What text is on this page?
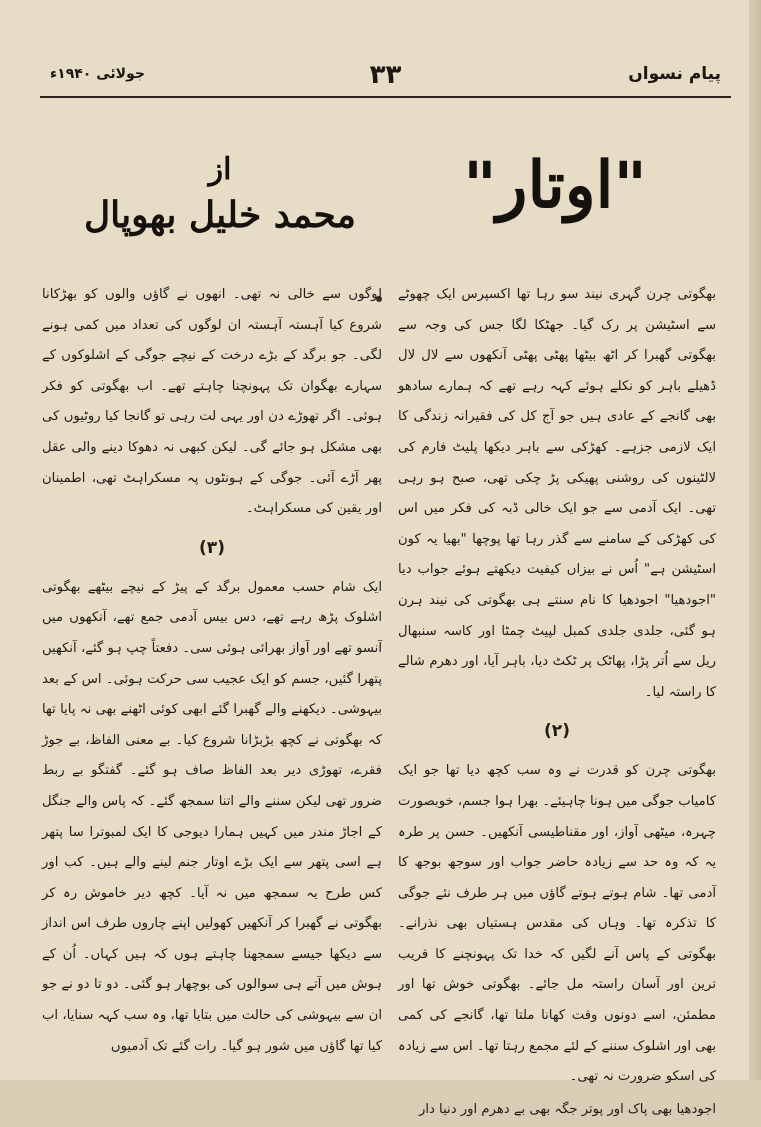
پیام نسواں
۳۳
جولائی ۱۹۴۰ء
"اوتار"
از
محمد خلیل بھوپال

بھگوتی چرن گہری نیند سو رہا تھا اکسپرس ایک چھوٹے سے اسٹیشن پر رک گیا۔ جھٹکا لگا جس کی وجہ سے بھگوتی گھبرا کر اٹھ بیٹھا پھٹی پھٹی آنکھوں سے لال لال ڈھیلے باہر کو نکلے ہوئے کہہ رہے تھے کہ ہمارے سادھو بھی گانجے کے عادی ہیں جو آج کل کی فقیرانہ زندگی کا ایک لازمی جزہے۔ کھڑکی سے باہر دیکھا پلیٹ فارم کی لالٹینوں کی روشنی پھیکی پڑ چکی تھی، صبح ہو رہی تھی۔ ایک آدمی سے جو ایک خالی ڈبہ کی فکر میں اس کی کھڑکی کے سامنے سے گذر رہا تھا پوچھا "بھیا یہ کون اسٹیشن ہے" اُس نے بیزاں کیفیت دیکھتے ہوئے جواب دیا "اجودھیا" اجودھیا کا نام سنتے ہی بھگوتی کی نیند ہرن ہو گئی، جلدی جلدی کمبل لپیٹ چمٹا اور کاسہ سنبھال ریل سے اُتر پڑا، پھاٹک پر ٹکٹ دیا، باہر آیا، اور دھرم شالے کا راستہ لیا۔

(۲)

بھگوتی چرن کو قدرت نے وہ سب کچھ دیا تھا جو ایک کامیاب جوگی میں ہونا چاہیئے۔ بھرا ہوا جسم، خوبصورت چہرہ، میٹھی آواز، اور مقناطیسی آنکھیں۔ حسن پر طرہ یہ کہ وہ حد سے زیادہ حاضر جواب اور سوجھ بوجھ کا آدمی تھا۔ شام ہوتے ہوتے گاؤں میں ہر طرف نئے جوگی کا تذکرہ تھا۔ وہاں کی مقدس ہستیاں بھی نذرانے۔ بھگوتی کے پاس آنے لگیں کہ خدا تک پہونچنے کا قریب ترین اور آسان راستہ مل جائے۔ بھگوتی خوش تھا اور مطمئن، اسے دونوں وقت کھانا ملتا تھا، گانجے کی کمی بھی اور اشلوک سننے کے لئے مجمع رہتا تھا۔ اس سے زیادہ کی اسکو ضرورت نہ تھی۔

اجودھیا بھی پاک اور پوتر جگہ بھی بے دھرم اور دنیا دار

لوگوں سے خالی نہ تھی۔ انھوں نے گاؤں والوں کو بھڑکانا شروع کیا آہستہ آہستہ ان لوگوں کی تعداد میں کمی ہونے لگی۔ جو برگد کے بڑے درخت کے نیچے جوگی کے اشلوکوں کے سہارے بھگوان تک پہونچنا چاہتے تھے۔ اب بھگوتی کو فکر ہوئی۔ اگر تھوڑے دن اور یہی لت رہی تو گانجا کیا روٹیوں کی بھی مشکل ہو جائے گی۔ لیکن کبھی نہ دھوکا دینے والی عقل پھر آڑے آئی۔ جوگی کے ہونٹوں پہ مسکراہٹ تھی، اطمینان اور یقین کی مسکراہٹ۔

(۳)

ایک شام حسب معمول برگد کے پیڑ کے نیچے بیٹھے بھگوتی اشلوک پڑھ رہے تھے، دس بیس آدمی جمع تھے، آنکھوں میں آنسو تھے اور آواز بھرائی ہوئی سی۔ دفعتاً چپ ہو گئے، آنکھیں پتھرا گئیں، جسم کو ایک عجیب سی حرکت ہوئی۔ اس کے بعد بیہوشی۔ دیکھنے والے گھبرا گئے ابھی کوئی اٹھنے بھی نہ پایا تھا کہ بھگوتی نے کچھ بڑبڑانا شروع کیا۔ بے معنی الفاظ، بے جوڑ فقرے، تھوڑی دیر بعد الفاظ صاف ہو گئے۔ گفتگو بے ربط ضرور تھی لیکن سننے والے اتنا سمجھ گئے۔ کہ پاس والے جنگل کے اجاڑ مندر میں کہیں ہمارا دیوجی کا ایک لمبوترا سا پتھر ہے اسی پتھر سے ایک بڑے اوتار جنم لینے والے ہیں۔ کب اور کس طرح یہ سمجھ میں نہ آیا۔ کچھ دیر خاموش رہ کر بھگوتی نے گھبرا کر آنکھیں کھولیں اپنے چاروں طرف اس انداز سے دیکھا جیسے سمجھنا چاہتے ہوں کہ ہیں کہاں۔ اُن کے ہوش میں آتے ہی سوالوں کی بوچھار ہو گئی۔ دو تا دو نے جو ان سے بیہوشی کی حالت میں بتایا تھا، وہ سب کہہ سنایا، اب کیا تھا گاؤں میں شور ہو گیا۔ رات گئے تک آدمیوں
